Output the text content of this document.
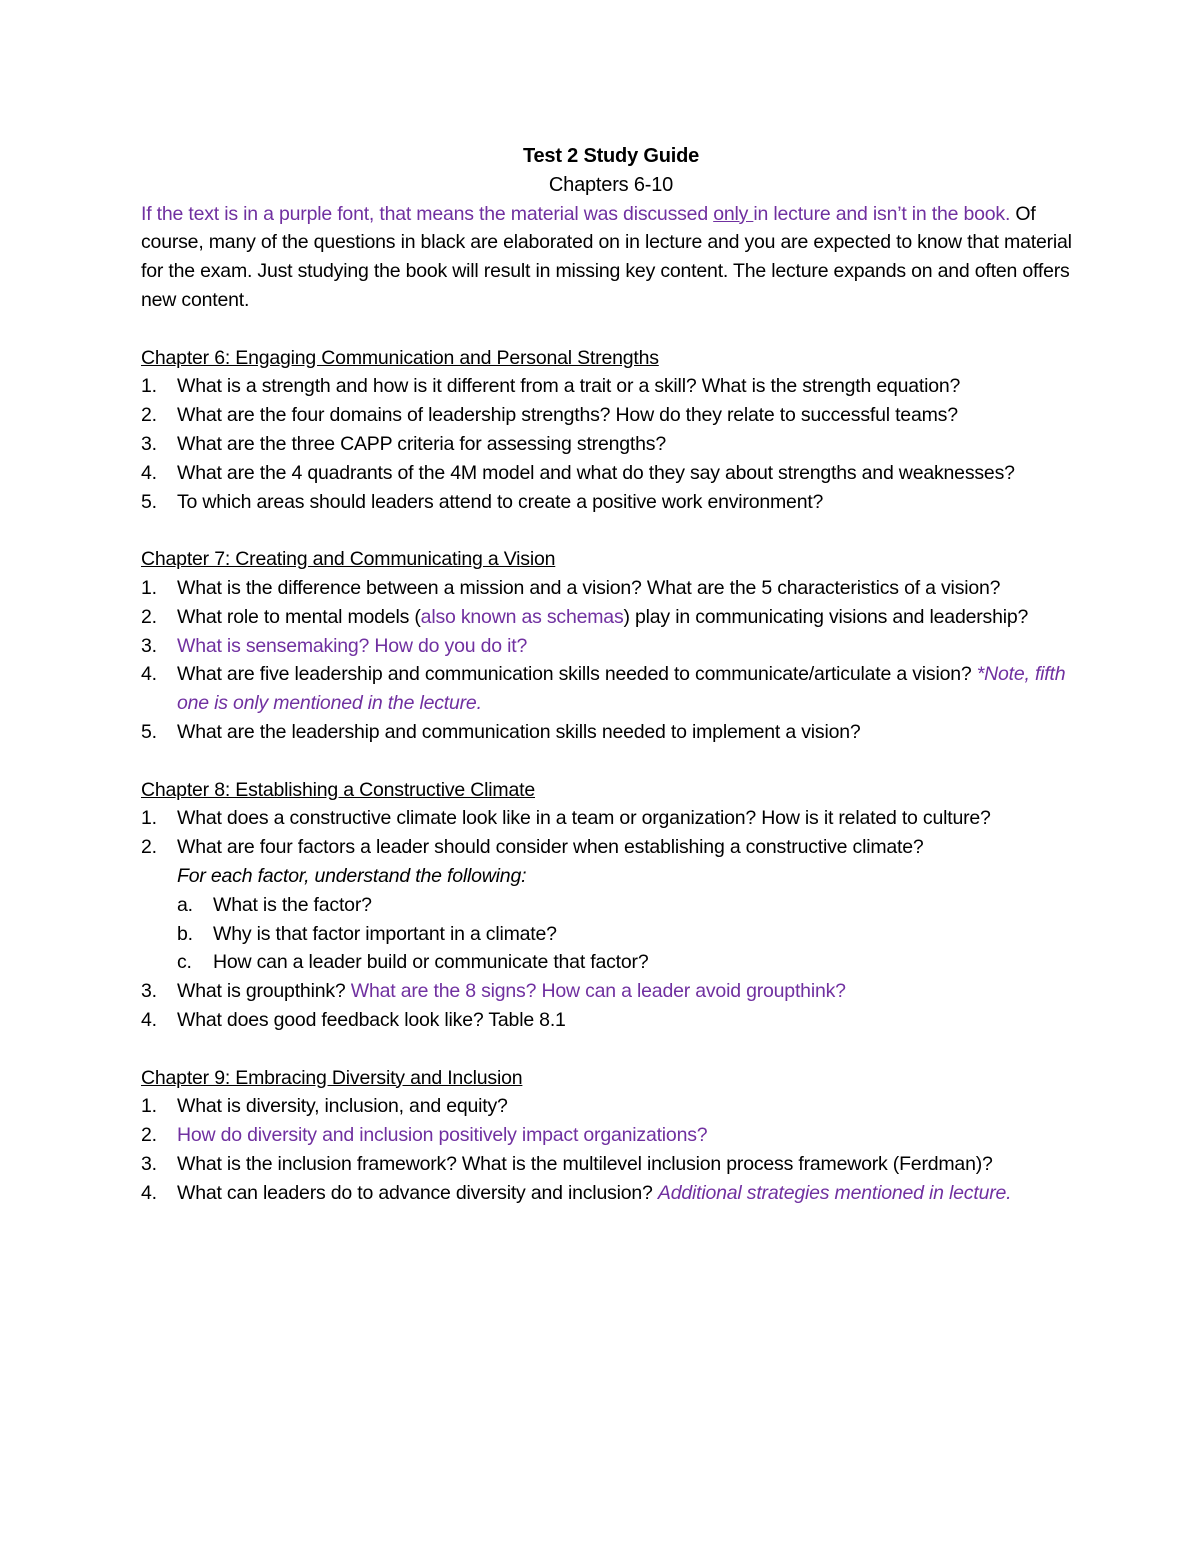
Test 2 Study Guide

Chapters 6-10

If the text is in a purple font, that means the material was discussed only in lecture and isn’t in the book. Of course, many of the questions in black are elaborated on in lecture and you are expected to know that material for the exam. Just studying the book will result in missing key content. The lecture expands on and often offers new content.

Chapter 6: Engaging Communication and Personal Strengths

1. What is a strength and how is it different from a trait or a skill? What is the strength equation?
2. What are the four domains of leadership strengths? How do they relate to successful teams?
3. What are the three CAPP criteria for assessing strengths?
4. What are the 4 quadrants of the 4M model and what do they say about strengths and weaknesses?
5. To which areas should leaders attend to create a positive work environment?

Chapter 7: Creating and Communicating a Vision

1. What is the difference between a mission and a vision? What are the 5 characteristics of a vision?
2. What role to mental models (also known as schemas) play in communicating visions and leadership?
3. What is sensemaking? How do you do it?
4. What are five leadership and communication skills needed to communicate/articulate a vision? *Note, fifth one is only mentioned in the lecture.
5. What are the leadership and communication skills needed to implement a vision?

Chapter 8: Establishing a Constructive Climate

1. What does a constructive climate look like in a team or organization? How is it related to culture?
2. What are four factors a leader should consider when establishing a constructive climate?
For each factor, understand the following:
a. What is the factor?
b. Why is that factor important in a climate?
c. How can a leader build or communicate that factor?
3. What is groupthink? What are the 8 signs? How can a leader avoid groupthink?
4. What does good feedback look like? Table 8.1

Chapter 9: Embracing Diversity and Inclusion

1. What is diversity, inclusion, and equity?
2. How do diversity and inclusion positively impact organizations?
3. What is the inclusion framework? What is the multilevel inclusion process framework (Ferdman)?
4. What can leaders do to advance diversity and inclusion? Additional strategies mentioned in lecture.
